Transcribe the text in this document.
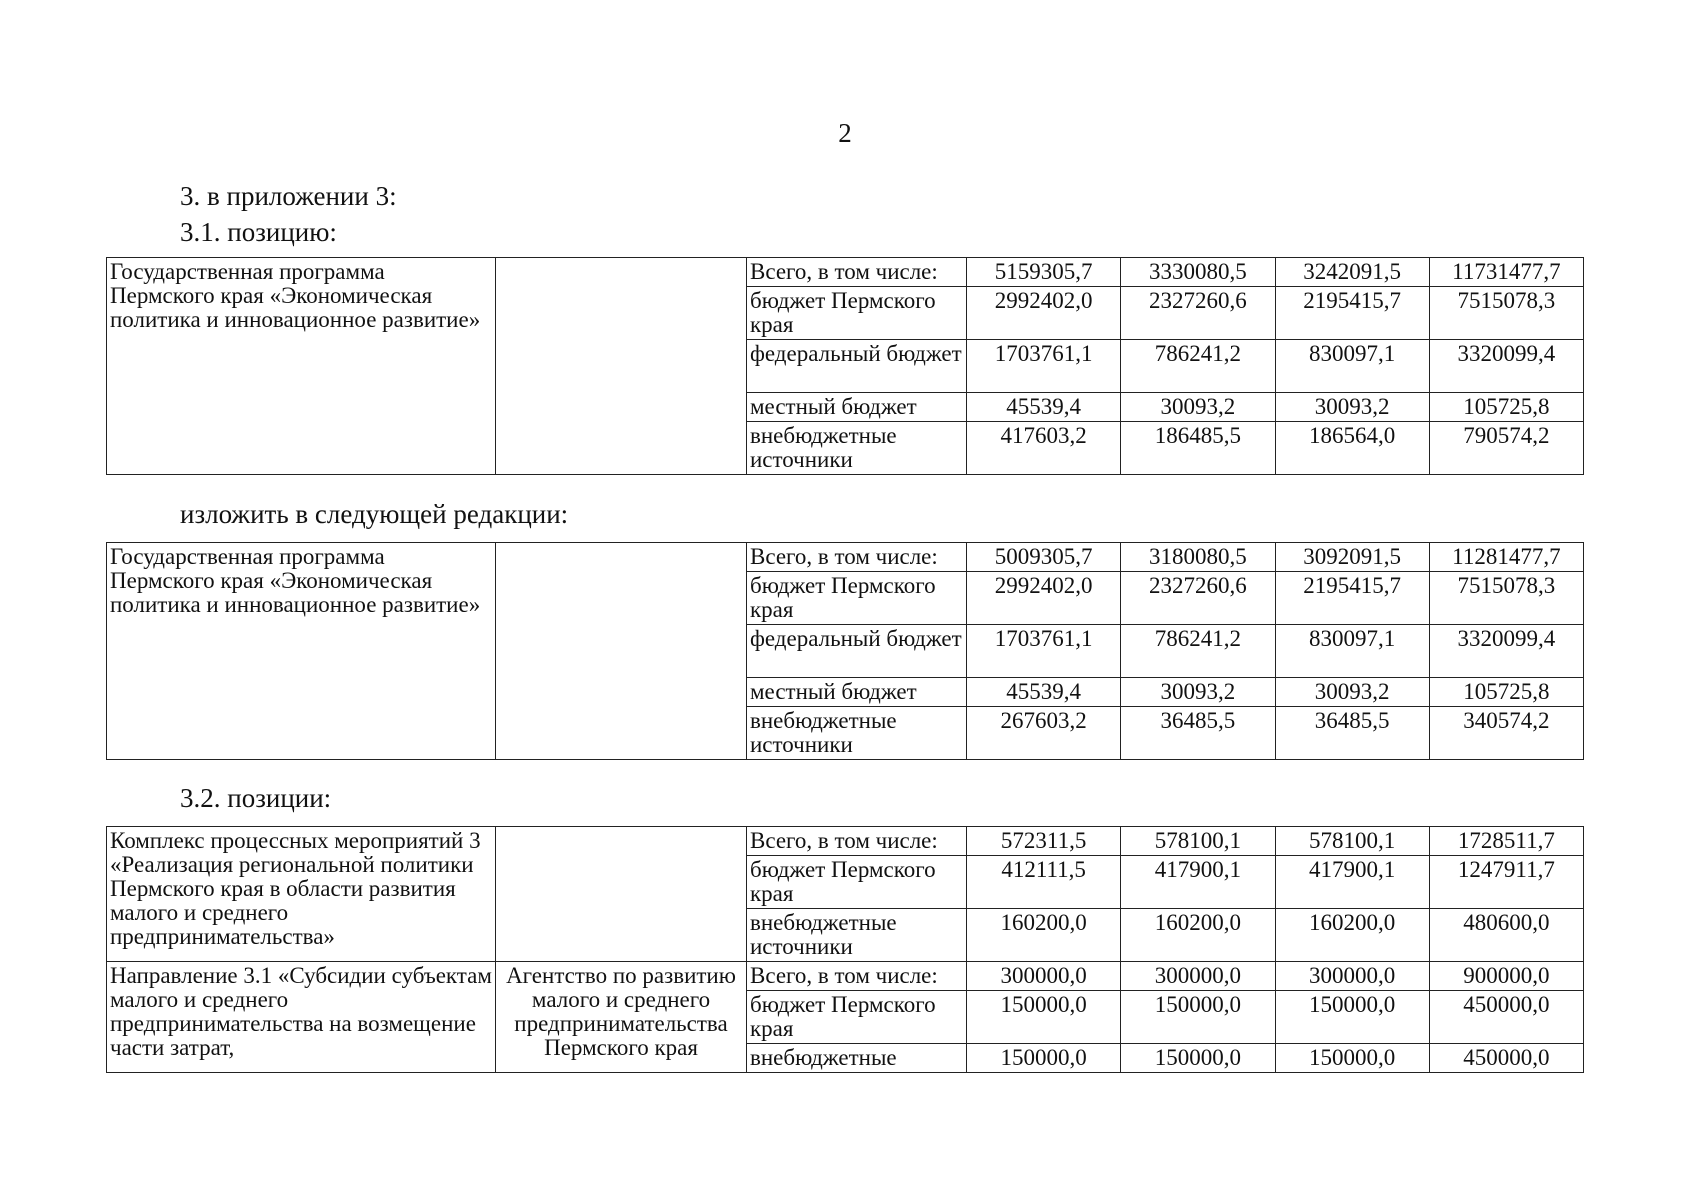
2
3. в приложении 3:
3.1. позицию:
Государственная программа Пермского края «Экономическая политика и инновационное развитие»		Всего, в том числе:	5159305,7	3330080,5	3242091,5	11731477,7
		бюджет Пермского края	2992402,0	2327260,6	2195415,7	7515078,3
		федеральный бюджет	1703761,1	786241,2	830097,1	3320099,4
		местный бюджет	45539,4	30093,2	30093,2	105725,8
		внебюджетные источники	417603,2	186485,5	186564,0	790574,2
изложить в следующей редакции:
Государственная программа Пермского края «Экономическая политика и инновационное развитие»		Всего, в том числе:	5009305,7	3180080,5	3092091,5	11281477,7
		бюджет Пермского края	2992402,0	2327260,6	2195415,7	7515078,3
		федеральный бюджет	1703761,1	786241,2	830097,1	3320099,4
		местный бюджет	45539,4	30093,2	30093,2	105725,8
		внебюджетные источники	267603,2	36485,5	36485,5	340574,2
3.2. позиции:
Комплекс процессных мероприятий 3 «Реализация региональной политики Пермского края в области развития малого и среднего предпринимательства»		Всего, в том числе:	572311,5	578100,1	578100,1	1728511,7
		бюджет Пермского края	412111,5	417900,1	417900,1	1247911,7
		внебюджетные источники	160200,0	160200,0	160200,0	480600,0
Направление 3.1 «Субсидии субъектам малого и среднего предпринимательства на возмещение части затрат,	Агентство по развитию малого и среднего предпринимательства Пермского края	Всего, в том числе:	300000,0	300000,0	300000,0	900000,0
		бюджет Пермского края	150000,0	150000,0	150000,0	450000,0
		внебюджетные	150000,0	150000,0	150000,0	450000,0
